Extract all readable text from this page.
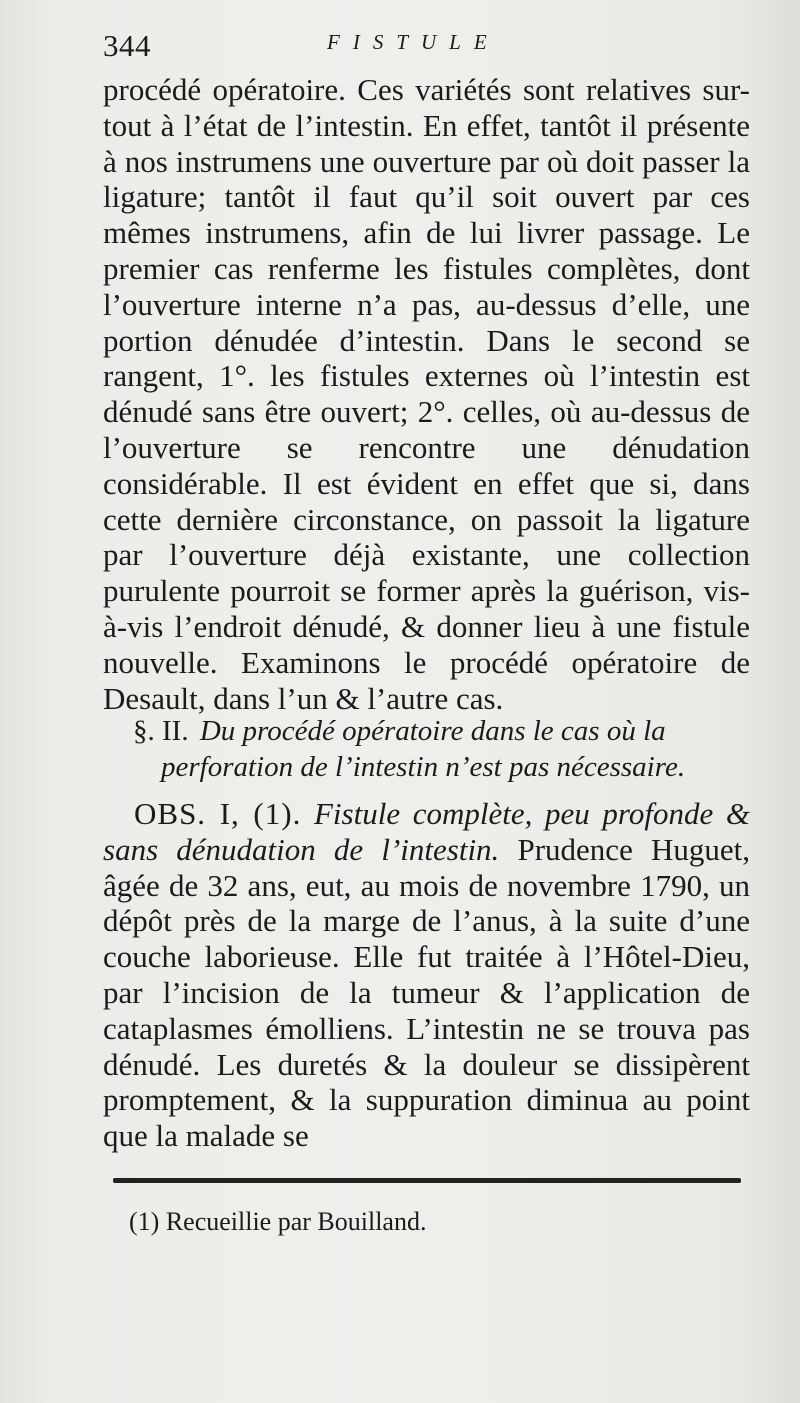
344	FISTULE

procédé opératoire. Ces variétés sont relatives sur-tout à l’état de l’intestin. En effet, tantôt il présente à nos instrumens une ouverture par où doit passer la ligature; tantôt il faut qu’il soit ouvert par ces mêmes instrumens, afin de lui livrer passage. Le premier cas renferme les fistules complètes, dont l’ouverture interne n’a pas, au-dessus d’elle, une portion dénudée d’intestin. Dans le second se rangent, 1°. les fistules externes où l’intestin est dénudé sans être ouvert; 2°. celles, où au-dessus de l’ouverture se rencontre une dénudation considérable. Il est évident en effet que si, dans cette dernière circonstance, on passoit la ligature par l’ouverture déjà existante, une collection purulente pourroit se former après la guérison, vis-à-vis l’endroit dénudé, & donner lieu à une fistule nouvelle. Examinons le procédé opératoire de Desault, dans l’un & l’autre cas.

§. II. Du procédé opératoire dans le cas où la
perforation de l’intestin n’est pas nécessaire.

OBS. I, (1). Fistule complète, peu profonde & sans dénudation de l’intestin. Prudence Huguet, âgée de 32 ans, eut, au mois de novembre 1790, un dépôt près de la marge de l’anus, à la suite d’une couche laborieuse. Elle fut traitée à l’Hôtel-Dieu, par l’incision de la tumeur & l’application de cataplasmes émolliens. L’intestin ne se trouva pas dénudé. Les duretés & la douleur se dissipèrent promptement, & la suppuration diminua au point que la malade se

(1) Recueillie par Bouilland.
